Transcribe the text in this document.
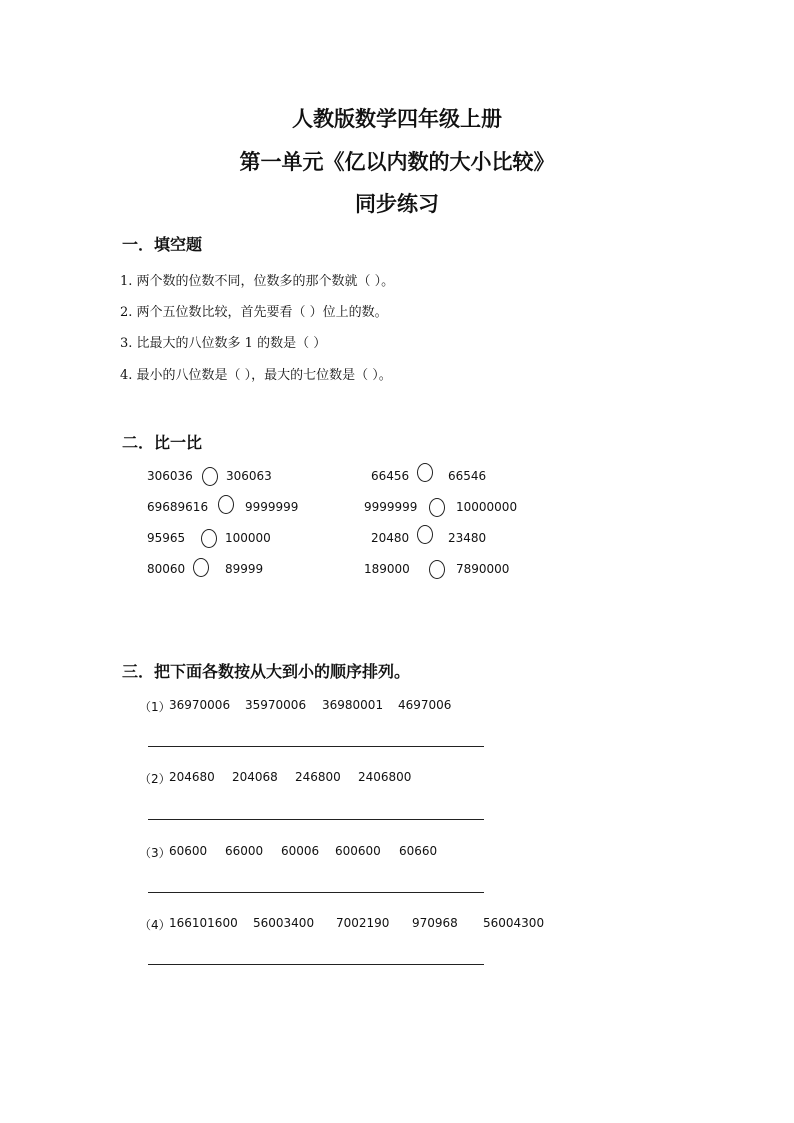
人教版数学四年级上册
第一单元《亿以内数的大小比较》
同步练习
一．填空题
1. 两个数的位数不同，位数多的那个数就（ ）。
2. 两个五位数比较，首先要看（ ）位上的数。
3. 比最大的八位数多 1 的数是（ ）
4. 最小的八位数是（ ），最大的七位数是（ ）。
二．比一比
306036	306063	66456	66546
69689616	9999999	9999999	10000000
95965	100000	20480	23480
80060	89999	189000	7890000
三．把下面各数按从大到小的顺序排列。
（1）
36970006 35970006 36980001 4697006
（2）
204680 204068 246800 2406800
（3）
60600 66000 60006 600600 60660
（4）
166101600 56003400 7002190 970968 56004300
